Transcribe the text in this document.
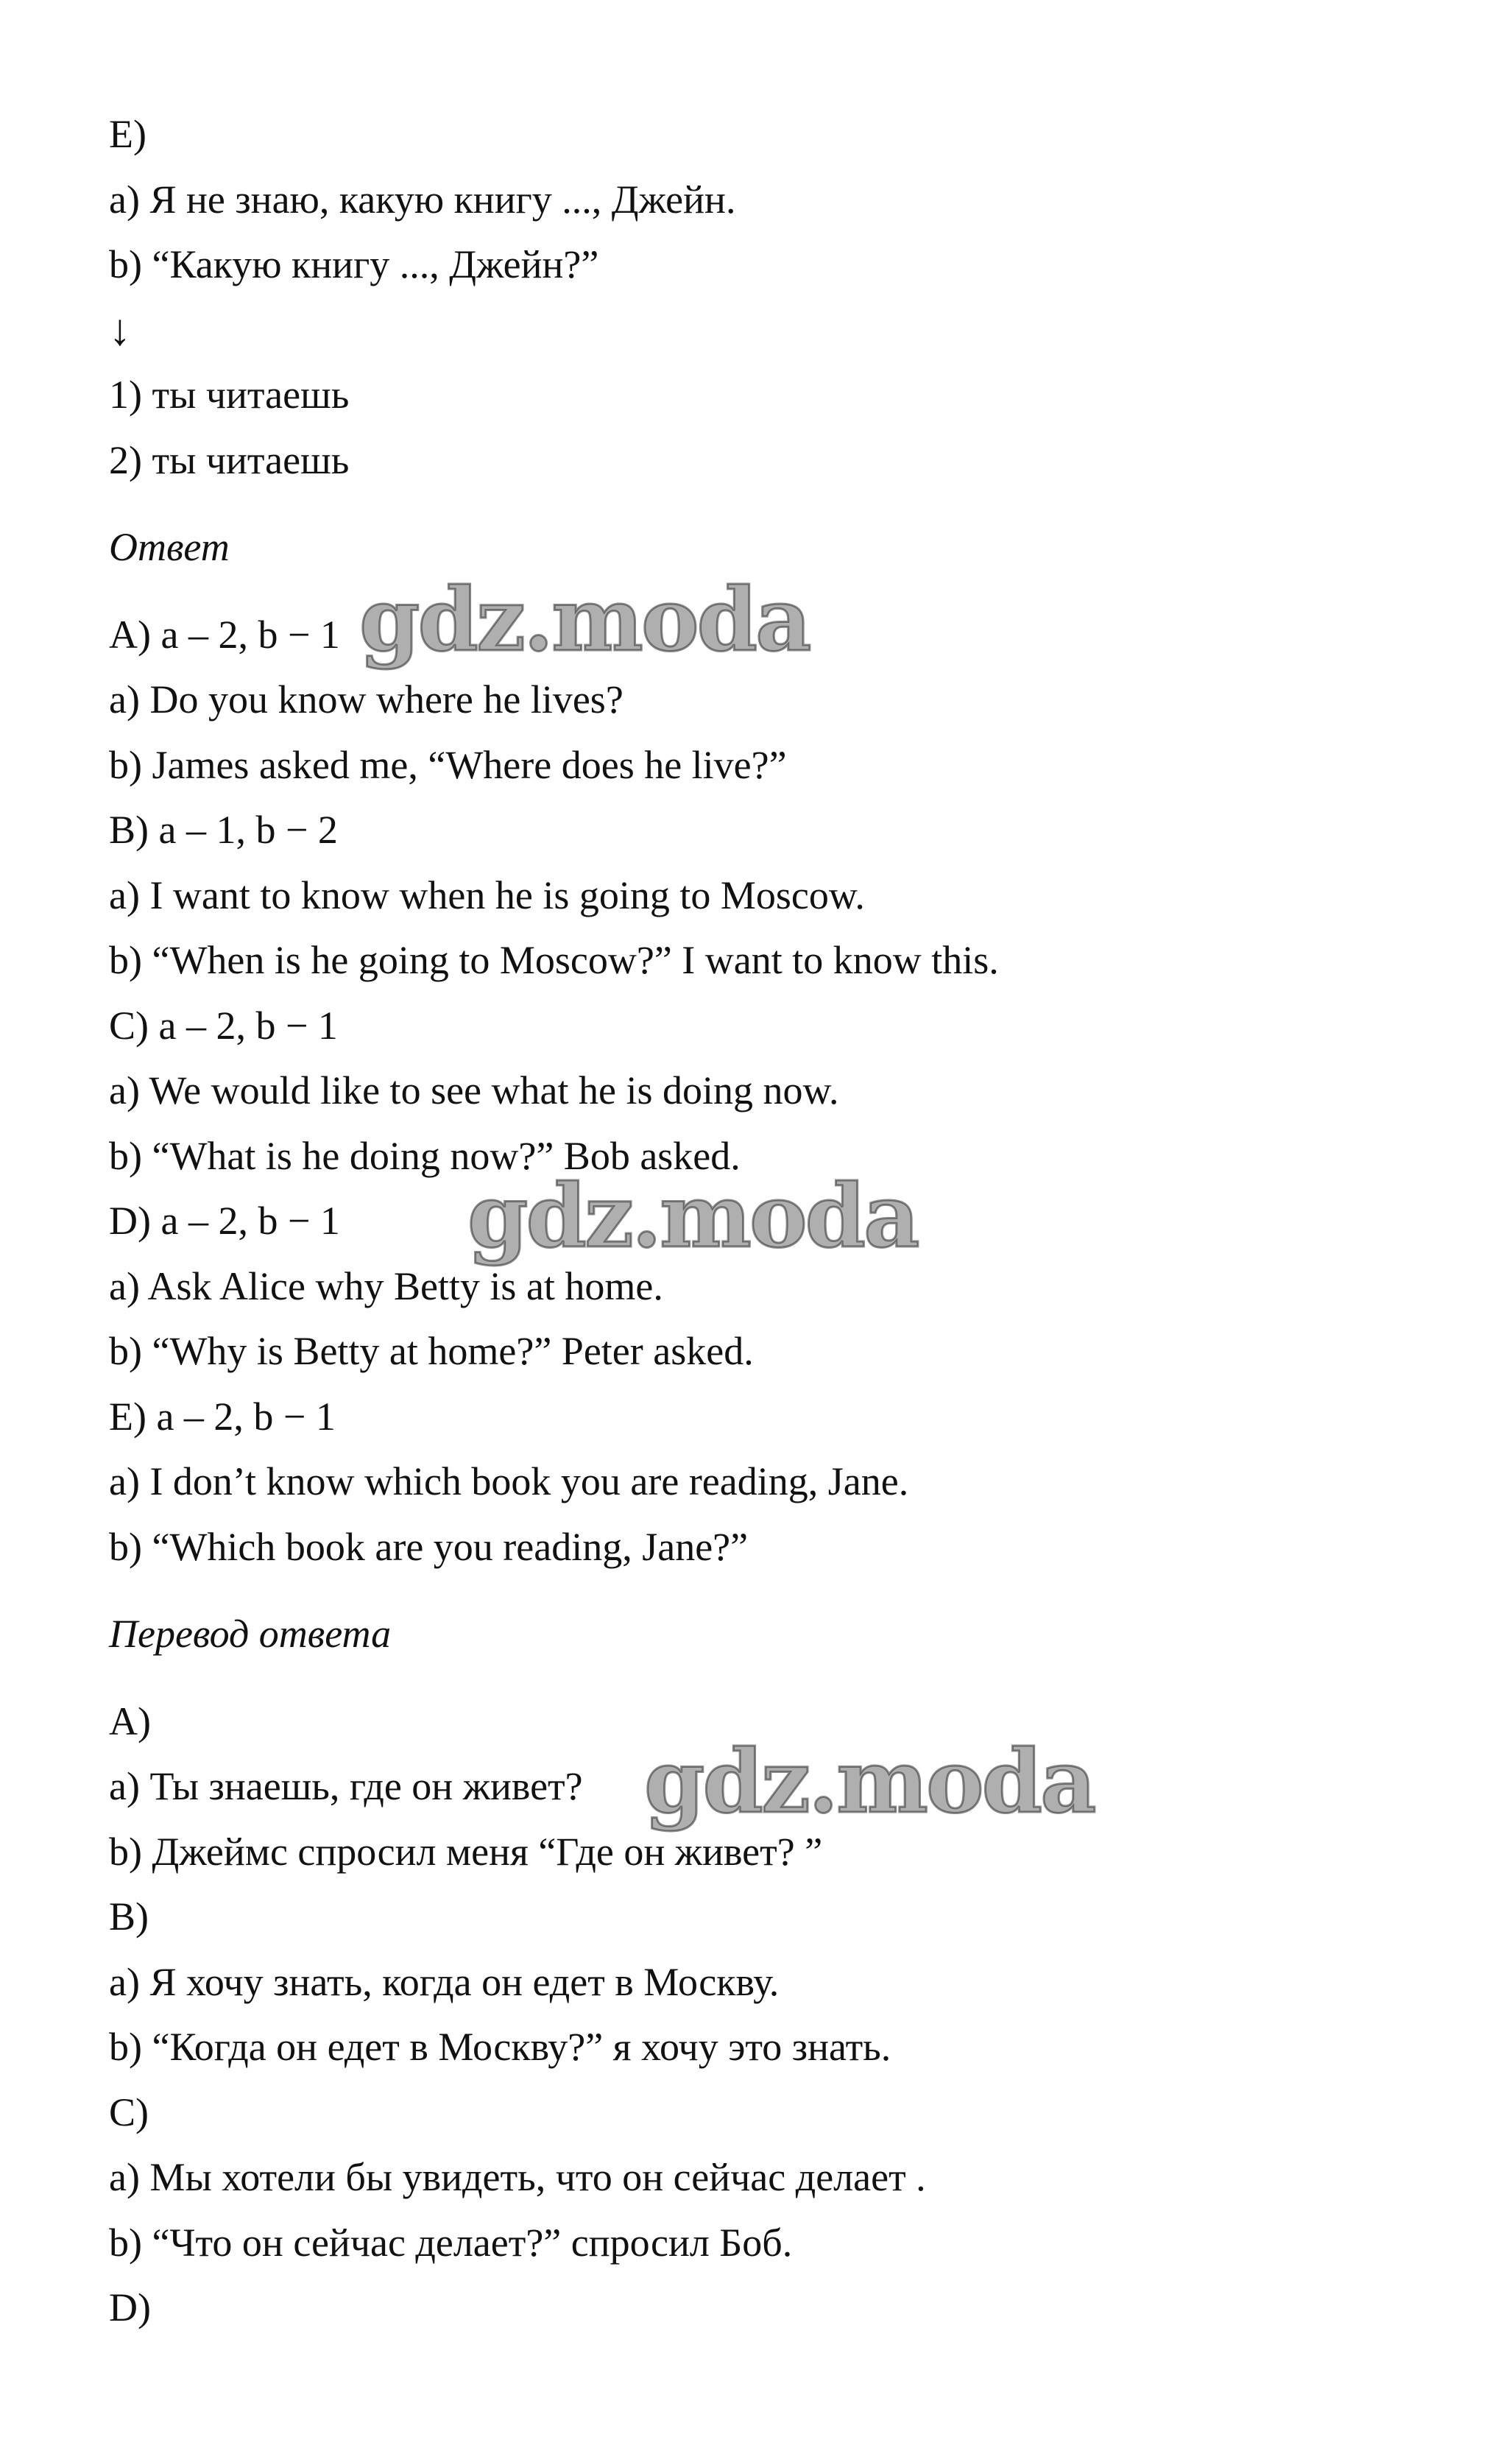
E)
a) Я не знаю, какую книгу ..., Джейн.
b) “Какую книгу ..., Джейн?”
↓
1) ты читаешь
2) ты читаешь
Ответ
A) a – 2, b − 1
a) Do you know where he lives?
b) James asked me, “Where does he live?”
B) a – 1, b − 2
a) I want to know when he is going to Moscow.
b) “When is he going to Moscow?” I want to know this.
C) a – 2, b − 1
a) We would like to see what he is doing now.
b) “What is he doing now?” Bob asked.
D) a – 2, b − 1
a) Ask Alice why Betty is at home.
b) “Why is Betty at home?” Peter asked.
E) a – 2, b − 1
a) I don’t know which book you are reading, Jane.
b) “Which book are you reading, Jane?”
Перевод ответа
A)
a) Ты знаешь, где он живет?
b) Джеймс спросил меня “Где он живет? ”
B)
a) Я хочу знать, когда он едет в Москву.
b) “Когда он едет в Москву?” я хочу это знать.
C)
a) Мы хотели бы увидеть, что он сейчас делает .
b) “Что он сейчас делает?” спросил Боб.
D)
gdz.moda
gdz.moda
gdz.moda
